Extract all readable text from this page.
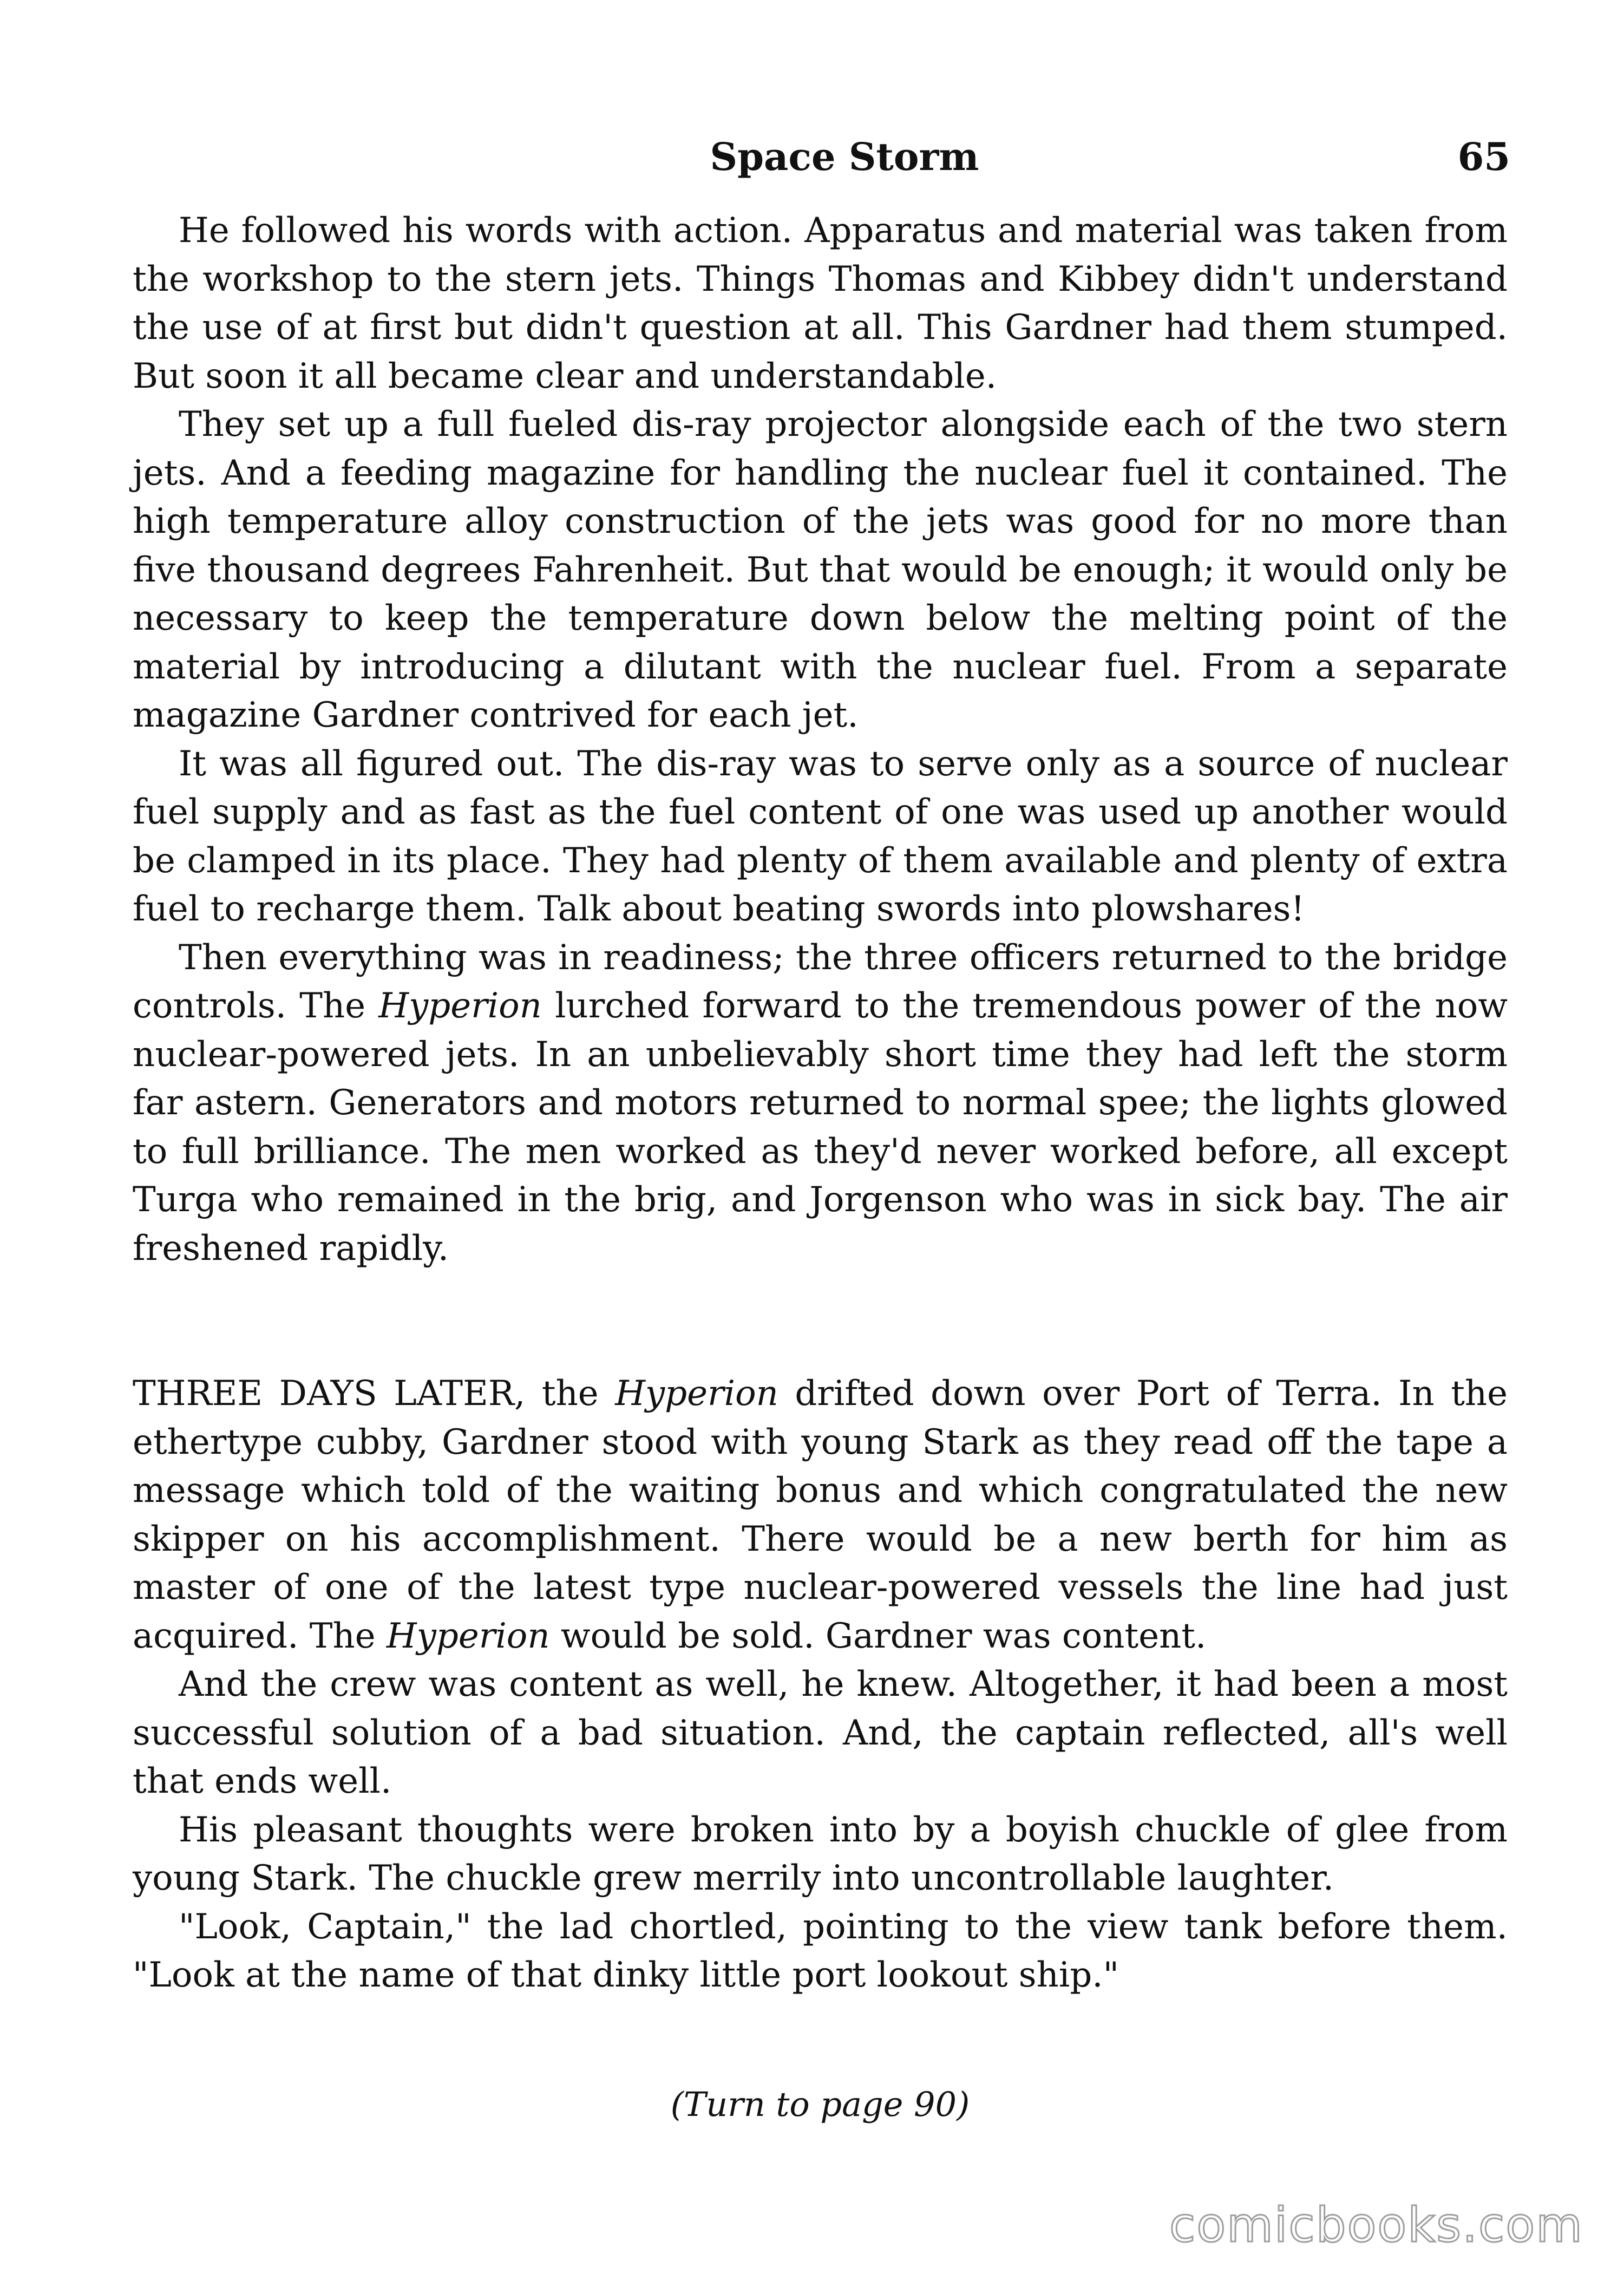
Space Storm	65

He followed his words with action. Apparatus and material was taken from the workshop to the stern jets. Things Thomas and Kibbey didn't understand the use of at first but didn't question at all. This Gardner had them stumped. But soon it all became clear and understandable.

They set up a full fueled dis-ray projector alongside each of the two stern jets. And a feeding magazine for handling the nuclear fuel it contained. The high temperature alloy construction of the jets was good for no more than five thousand degrees Fahrenheit. But that would be enough; it would only be necessary to keep the temperature down below the melting point of the material by introducing a dilutant with the nuclear fuel. From a separate magazine Gardner contrived for each jet.

It was all figured out. The dis-ray was to serve only as a source of nuclear fuel supply and as fast as the fuel content of one was used up another would be clamped in its place. They had plenty of them available and plenty of extra fuel to recharge them. Talk about beating swords into plowshares!

Then everything was in readiness; the three officers returned to the bridge controls. The Hyperion lurched forward to the tremendous power of the now nuclear-powered jets. In an unbelievably short time they had left the storm far astern. Generators and motors returned to normal spee; the lights glowed to full brilliance. The men worked as they'd never worked before, all except Turga who remained in the brig, and Jorgenson who was in sick bay. The air freshened rapidly.

THREE DAYS LATER, the Hyperion drifted down over Port of Terra. In the ethertype cubby, Gardner stood with young Stark as they read off the tape a message which told of the waiting bonus and which congratulated the new skipper on his accomplishment. There would be a new berth for him as master of one of the latest type nuclear-powered vessels the line had just acquired. The Hyperion would be sold. Gardner was content.

And the crew was content as well, he knew. Altogether, it had been a most successful solution of a bad situation. And, the captain reflected, all's well that ends well.

His pleasant thoughts were broken into by a boyish chuckle of glee from young Stark. The chuckle grew merrily into uncontrollable laughter.

"Look, Captain," the lad chortled, pointing to the view tank before them. "Look at the name of that dinky little port lookout ship."

(Turn to page 90)
comicbooks.com
